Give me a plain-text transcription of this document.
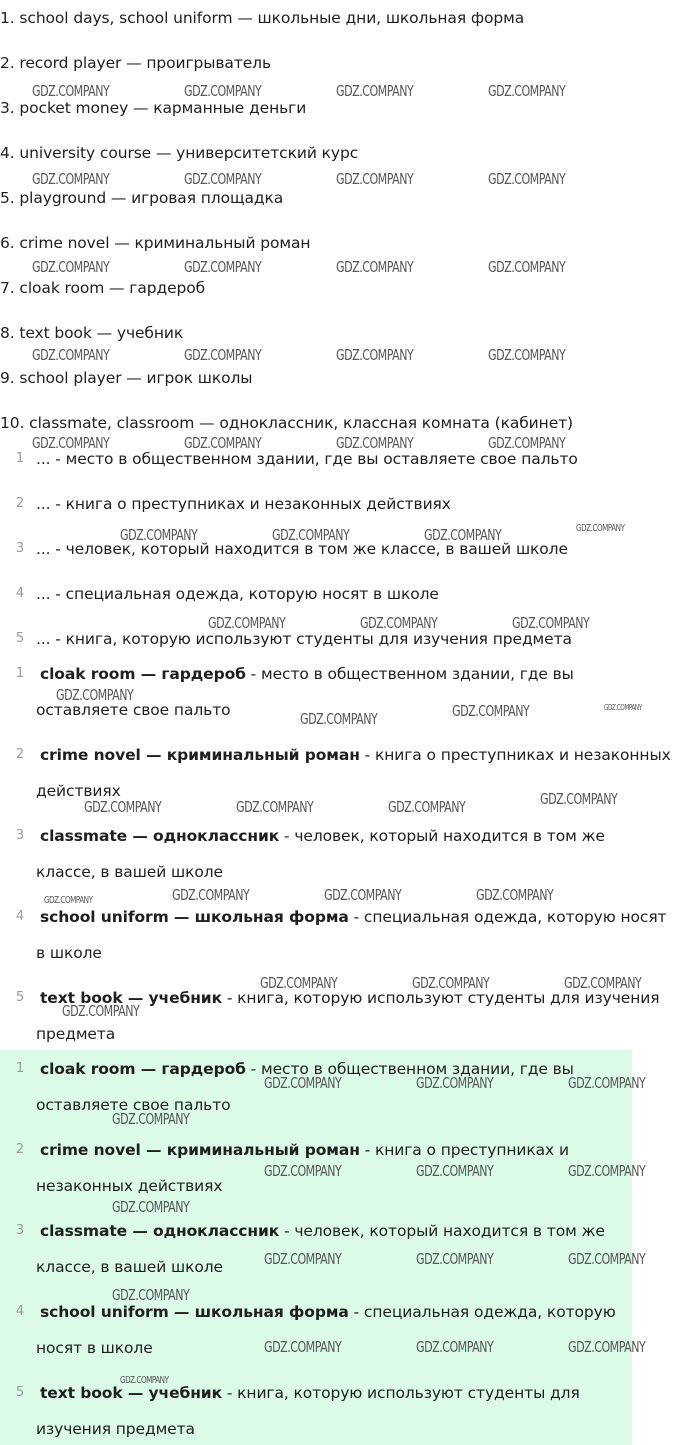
1. school days, school uniform — школьные дни, школьная форма
2. record player — проигрыватель
3. pocket money — карманные деньги
4. university course — университетский курс
5. playground — игровая площадка
6. crime novel — криминальный роман
7. cloak room — гардероб
8. text book — учебник
9. school player — игрок школы
10. classmate, classroom — одноклассник, классная комната (кабинет)
1 ... - место в общественном здании, где вы оставляете свое пальто
2 ... - книга о преступниках и незаконных действиях
3 ... - человек, который находится в том же классе, в вашей школе
4 ... - специальная одежда, которую носят в школе
5 ... - книга, которую используют студенты для изучения предмета
1	cloak room — гардероб - место в общественном здании, где вы
оставляете свое пальто
2	crime novel — криминальный роман - книга о преступниках и незаконных
действиях
3	classmate — одноклассник - человек, который находится в том же
классе, в вашей школе
4	school uniform — школьная форма - специальная одежда, которую носят
в школе
5	text book — учебник - книга, которую используют студенты для изучения
предмета
1	cloak room — гардероб - место в общественном здании, где вы
оставляете свое пальто
2	crime novel — криминальный роман - книга о преступниках и
незаконных действиях
3	classmate — одноклассник - человек, который находится в том же
классе, в вашей школе
4	school uniform — школьная форма - специальная одежда, которую
носят в школе
5	text book — учебник - книга, которую используют студенты для
изучения предмета
GDZ.COMPANY	GDZ.COMPANY	GDZ.COMPANY	GDZ.COMPANY
GDZ.COMPANY	GDZ.COMPANY	GDZ.COMPANY	GDZ.COMPANY
GDZ.COMPANY	GDZ.COMPANY	GDZ.COMPANY	GDZ.COMPANY
GDZ.COMPANY	GDZ.COMPANY	GDZ.COMPANY	GDZ.COMPANY
GDZ.COMPANY	GDZ.COMPANY	GDZ.COMPANY	GDZ.COMPANY
GDZ.COMPANY	GDZ.COMPANY	GDZ.COMPANY	GDZ.COMPANY
GDZ.COMPANY	GDZ.COMPANY	GDZ.COMPANY
GDZ.COMPANY
GDZ.COMPANY	GDZ.COMPANY	GDZ.COMPANY
GDZ.COMPANY	GDZ.COMPANY	GDZ.COMPANY	GDZ.COMPANY
GDZ.COMPANY	GDZ.COMPANY	GDZ.COMPANY	GDZ.COMPANY
GDZ.COMPANY	GDZ.COMPANY	GDZ.COMPANY
GDZ.COMPANY
GDZ.COMPANY	GDZ.COMPANY	GDZ.COMPANY
GDZ.COMPANY
GDZ.COMPANY	GDZ.COMPANY	GDZ.COMPANY
GDZ.COMPANY
GDZ.COMPANY	GDZ.COMPANY	GDZ.COMPANY
GDZ.COMPANY
GDZ.COMPANY	GDZ.COMPANY	GDZ.COMPANY
GDZ.COMPANY
